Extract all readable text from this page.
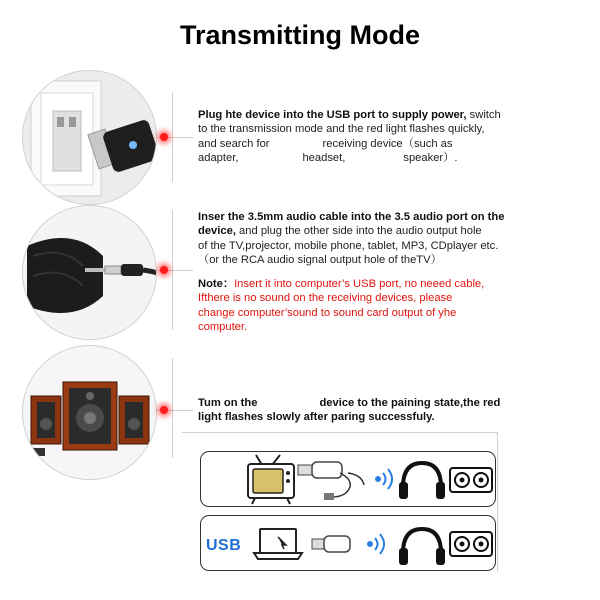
Transmitting Mode
Plug hte device into the USB port to supply power, switch
to the transmission mode and the red light flashes quickly,
and search for	receiving device（such as
adapter,	headset,	speaker）.
Inser the 3.5mm audio cable into the 3.5 audio port on the
device, and plug the other side into the audio output hole
of the TV,projector, mobile phone, tablet, MP3, CDplayer etc.
（or the RCA audio signal output hole of theTV）
Note：Insert it into computer’s USB port, no neeed cable,
Ifthere is no sound on the receiving devices, please
change computer’sound to sound card output of yhe
computer.
Tum on the	device to the paining state,the red
light flashes slowly after paring successfuly.
USB
